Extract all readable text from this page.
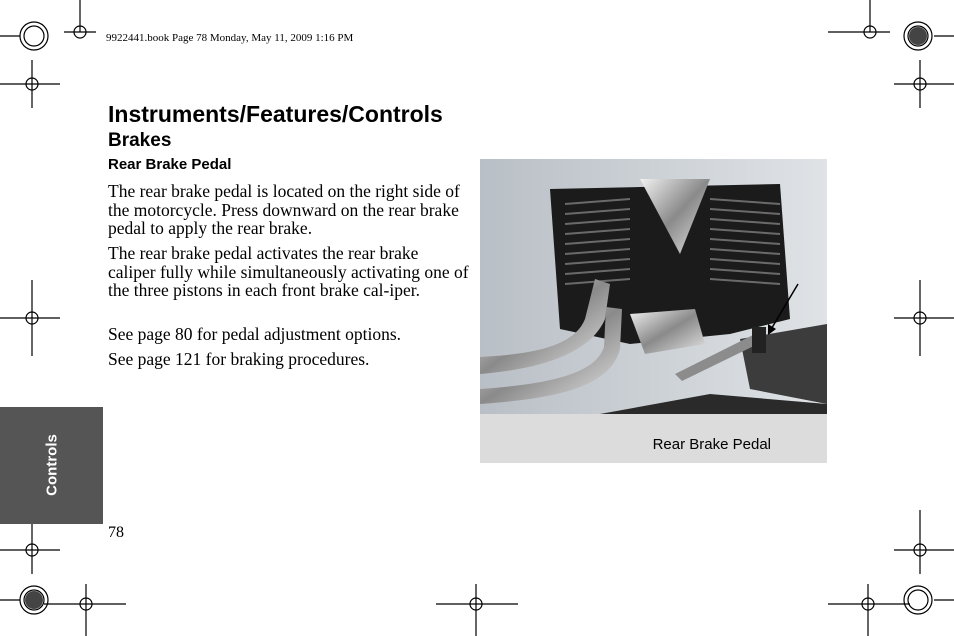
9922441.book Page 78 Monday, May 11, 2009 1:16 PM
Instruments/Features/Controls
Brakes
Rear Brake Pedal
The rear brake pedal is located on the right side of the motorcycle. Press downward on the rear brake pedal to apply the rear brake.
The rear brake pedal activates the rear brake caliper fully while simultaneously activating one of the three pistons in each front brake cal-iper.
See page 80 for pedal adjustment options.
See page 121 for braking procedures.
Rear Brake Pedal
Controls
78
